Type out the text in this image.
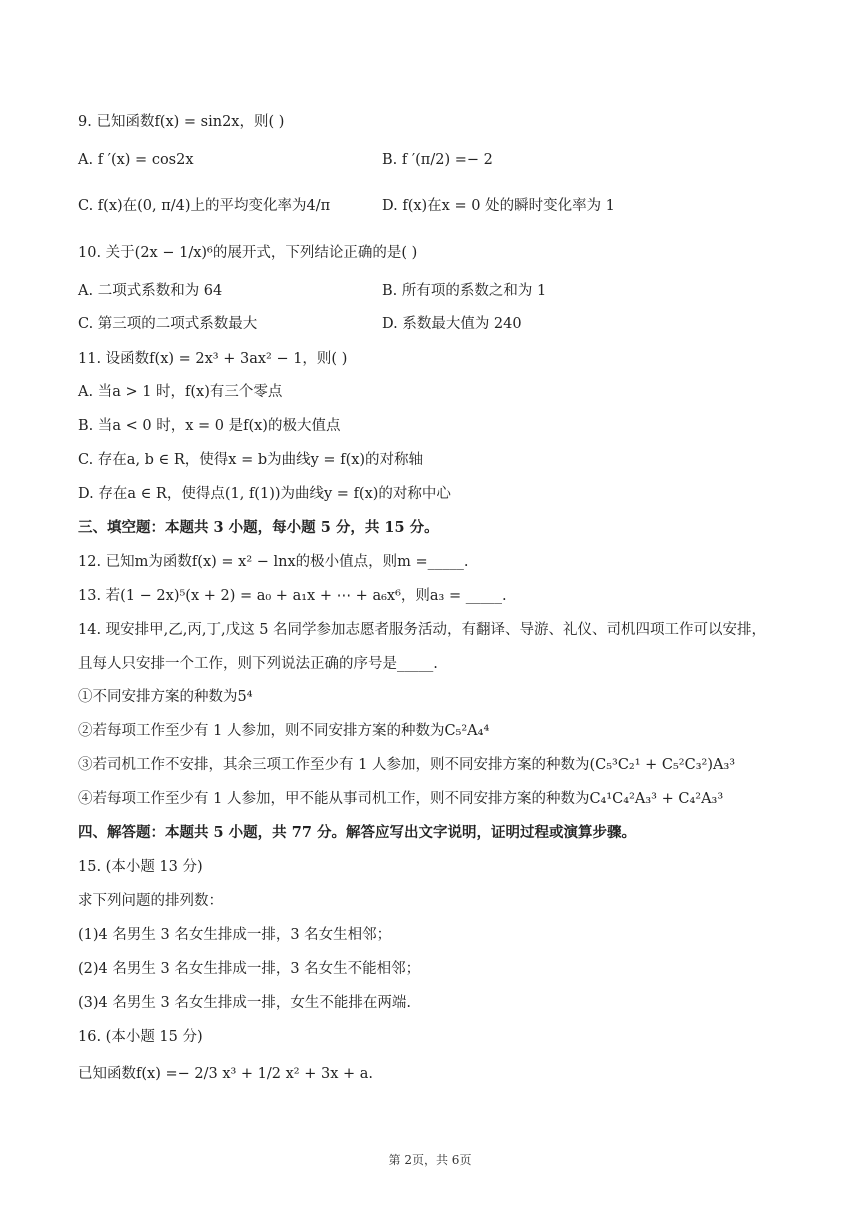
9. 已知函数f(x) = sin2x，则( )
A. f ′(x) = cos2x	B. f ′(π/2) =− 2
C. f(x)在(0, π/4)上的平均变化率为4/π	D. f(x)在x = 0 处的瞬时变化率为 1
10. 关于(2x − 1/x)⁶的展开式，下列结论正确的是( )
A. 二项式系数和为 64	B. 所有项的系数之和为 1
C. 第三项的二项式系数最大	D. 系数最大值为 240
11. 设函数f(x) = 2x³ + 3ax² − 1，则( )
A. 当a > 1 时，f(x)有三个零点
B. 当a < 0 时，x = 0 是f(x)的极大值点
C. 存在a, b ∈ R，使得x = b为曲线y = f(x)的对称轴
D. 存在a ∈ R，使得点(1, f(1))为曲线y = f(x)的对称中心
三、填空题：本题共 3 小题，每小题 5 分，共 15 分。
12. 已知m为函数f(x) = x² − lnx的极小值点，则m =_____.
13. 若(1 − 2x)⁵(x + 2) = a₀ + a₁x + ⋯ + a₆x⁶，则a₃ = _____.
14. 现安排甲,乙,丙,丁,戊这 5 名同学参加志愿者服务活动，有翻译、导游、礼仪、司机四项工作可以安排，
且每人只安排一个工作，则下列说法正确的序号是_____.
①不同安排方案的种数为5⁴
②若每项工作至少有 1 人参加，则不同安排方案的种数为C₅²A₄⁴
③若司机工作不安排，其余三项工作至少有 1 人参加，则不同安排方案的种数为(C₅³C₂¹ + C₅²C₃²)A₃³
④若每项工作至少有 1 人参加，甲不能从事司机工作，则不同安排方案的种数为C₄¹C₄²A₃³ + C₄²A₃³
四、解答题：本题共 5 小题，共 77 分。解答应写出文字说明，证明过程或演算步骤。
15. (本小题 13 分)
求下列问题的排列数：
(1)4 名男生 3 名女生排成一排，3 名女生相邻；
(2)4 名男生 3 名女生排成一排，3 名女生不能相邻；
(3)4 名男生 3 名女生排成一排，女生不能排在两端.
16. (本小题 15 分)
已知函数f(x) =− 2/3 x³ + 1/2 x² + 3x + a.
第 2页，共 6页
